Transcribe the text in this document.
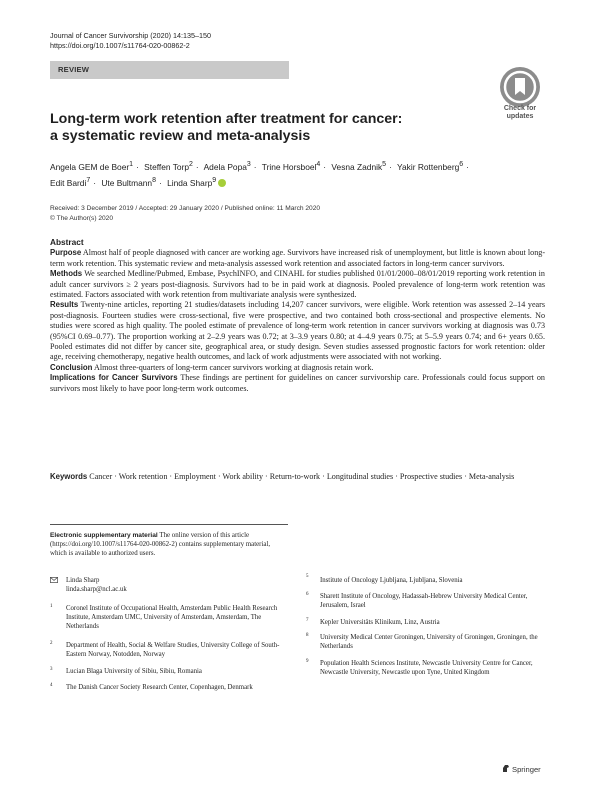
Journal of Cancer Survivorship (2020) 14:135–150
https://doi.org/10.1007/s11764-020-00862-2
REVIEW
Check for
updates
Long-term work retention after treatment for cancer:
a systematic review and meta-analysis
Angela GEM de Boer$^1$ · Steffen Torp$^2$ · Adela Popa$^3$ · Trine Horsboel$^4$ · Vesna Zadnik$^5$ · Yakir Rottenberg$^6$ ·
Edit Bardi$^7$ · Ute Bultmann$^8$ · Linda Sharp$^9$
Received: 3 December 2019 / Accepted: 29 January 2020 / Published online: 11 March 2020
© The Author(s) 2020
Abstract

Purpose Almost half of people diagnosed with cancer are working age. Survivors have increased risk of unemployment, but little is known about long-term work retention. This systematic review and meta-analysis assessed work retention and associated factors in long-term cancer survivors.

Methods We searched Medline/Pubmed, Embase, PsychINFO, and CINAHL for studies published 01/01/2000–08/01/2019 reporting work retention in adult cancer survivors ≥ 2 years post-diagnosis. Survivors had to be in paid work at diagnosis. Pooled prevalence of long-term work retention was estimated. Factors associated with work retention from multivariate analysis were synthesized.

Results Twenty-nine articles, reporting 21 studies/datasets including 14,207 cancer survivors, were eligible. Work retention was assessed 2–14 years post-diagnosis. Fourteen studies were cross-sectional, five were prospective, and two contained both cross-sectional and prospective elements. No studies were scored as high quality. The pooled estimate of prevalence of long-term work retention in cancer survivors working at diagnosis was 0.73 (95%CI 0.69–0.77). The proportion working at 2–2.9 years was 0.72; at 3–3.9 years 0.80; at 4–4.9 years 0.75; at 5–5.9 years 0.74; and 6+ years 0.65. Pooled estimates did not differ by cancer site, geographical area, or study design. Seven studies assessed prognostic factors for work retention: older age, receiving chemotherapy, negative health outcomes, and lack of work adjustments were associated with not working.

Conclusion Almost three-quarters of long-term cancer survivors working at diagnosis retain work.

Implications for Cancer Survivors These findings are pertinent for guidelines on cancer survivorship care. Professionals could focus support on survivors most likely to have poor long-term work outcomes.

Keywords Cancer · Work retention · Employment · Work ability · Return-to-work · Longitudinal studies · Prospective studies · Meta-analysis
Electronic supplementary material The online version of this article (https://doi.org/10.1007/s11764-020-00862-2) contains supplementary material, which is available to authorized users.
Linda Sharp
linda.sharp@ncl.ac.uk
1 Coronel Institute of Occupational Health, Amsterdam Public Health Research Institute, Amsterdam UMC, University of Amsterdam, Amsterdam, The Netherlands
2 Department of Health, Social & Welfare Studies, University College of South-Eastern Norway, Notodden, Norway
3 Lucian Blaga University of Sibiu, Sibiu, Romania
4 The Danish Cancer Society Research Center, Copenhagen, Denmark
5
Institute of Oncology Ljubljana, Ljubljana, Slovenia
6 Sharett Institute of Oncology, Hadassah-Hebrew University Medical Center, Jerusalem, Israel
7 Kepler Universitäts Klinikum, Linz, Austria
8 University Medical Center Groningen, University of Groningen, Groningen, the Netherlands
9 Population Health Sciences Institute, Newcastle University Centre for Cancer, Newcastle University, Newcastle upon Tyne, United Kingdom
Springer
